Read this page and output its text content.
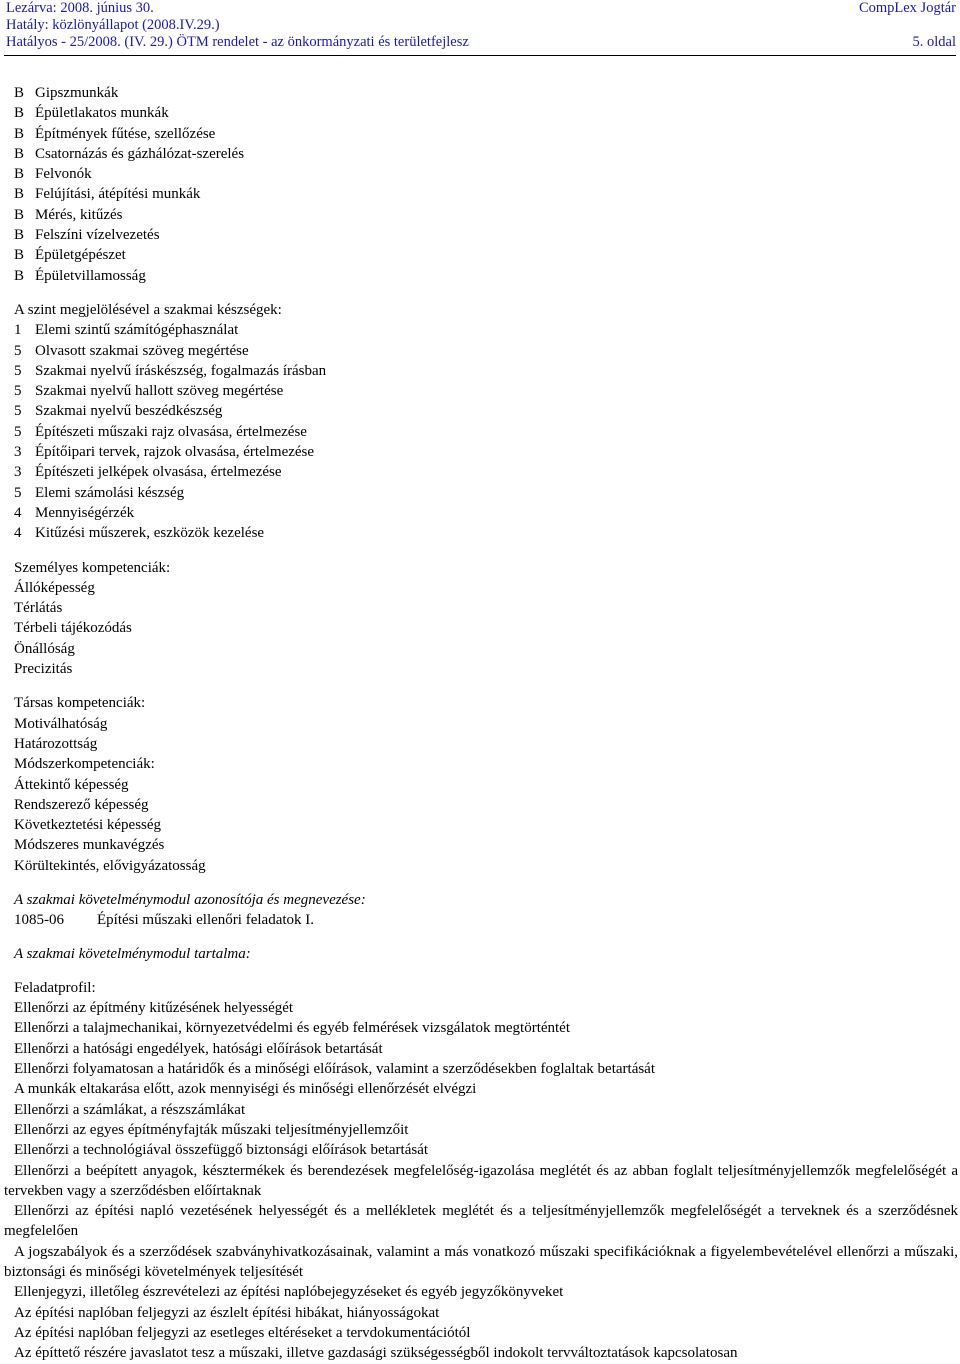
Lezárva: 2008. június 30.
Hatály: közlönyállapot (2008.IV.29.)
Hatályos - 25/2008. (IV. 29.) ÖTM rendelet - az önkormányzati és területfejlesz
CompLex Jogtár
5. oldal
B Gipszmunkák
B Épületlakatos munkák
B Építmények fűtése, szellőzése
B Csatornázás és gázhálózat-szerelés
B Felvonók
B Felújítási, átépítési munkák
B Mérés, kitűzés
B Felszíni vízelvezetés
B Épületgépészet
B Épületvillamosság
A szint megjelölésével a szakmai készségek:
1 Elemi szintű számítógéphasználat
5 Olvasott szakmai szöveg megértése
5 Szakmai nyelvű íráskészség, fogalmazás írásban
5 Szakmai nyelvű hallott szöveg megértése
5 Szakmai nyelvű beszédkészség
5 Építészeti műszaki rajz olvasása, értelmezése
3 Építőipari tervek, rajzok olvasása, értelmezése
3 Építészeti jelképek olvasása, értelmezése
5 Elemi számolási készség
4 Mennyiségérzék
4 Kitűzési műszerek, eszközök kezelése
Személyes kompetenciák:
Állóképesség
Térlátás
Térbeli tájékozódás
Önállóság
Precizitás
Társas kompetenciák:
Motiválhatóság
Határozottság
Módszerkompetenciák:
Áttekintő képesség
Rendszerező képesség
Következtetési képesség
Módszeres munkavégzés
Körültekintés, elővigyázatosság
A szakmai követelménymodul azonosítója és megnevezése:
1085-06 Építési műszaki ellenőri feladatok I.
A szakmai követelménymodul tartalma:
Feladatprofil:
Ellenőrzi az építmény kitűzésének helyességét
Ellenőrzi a talajmechanikai, környezetvédelmi és egyéb felmérések vizsgálatok megtörténtét
Ellenőrzi a hatósági engedélyek, hatósági előírások betartását
Ellenőrzi folyamatosan a határidők és a minőségi előírások, valamint a szerződésekben foglaltak betartását
A munkák eltakarása előtt, azok mennyiségi és minőségi ellenőrzését elvégzi
Ellenőrzi a számlákat, a részszámlákat
Ellenőrzi az egyes építményfajták műszaki teljesítményjellemzőit
Ellenőrzi a technológiával összefüggő biztonsági előírások betartását
Ellenőrzi a beépített anyagok, késztermékek és berendezések megfelelőség-igazolása meglétét és az abban foglalt teljesítményjellemzők megfelelőségét a tervekben vagy a szerződésben előírtaknak
Ellenőrzi az építési napló vezetésének helyességét és a mellékletek meglétét és a teljesítményjellemzők megfelelőségét a terveknek és a szerződésnek megfelelően
A jogszabályok és a szerződések szabványhivatkozásainak, valamint a más vonatkozó műszaki specifikációknak a figyelembevételével ellenőrzi a műszaki, biztonsági és minőségi követelmények teljesítését
Ellenjegyzi, illetőleg észrevételezi az építési naplóbejegyzéseket és egyéb jegyzőkönyveket
Az építési naplóban feljegyzi az észlelt építési hibákat, hiányosságokat
Az építési naplóban feljegyzi az esetleges eltéréseket a tervdokumentációtól
Az építtető részére javaslatot tesz a műszaki, illetve gazdasági szükségességből indokolt tervváltoztatások kapcsolatosan
